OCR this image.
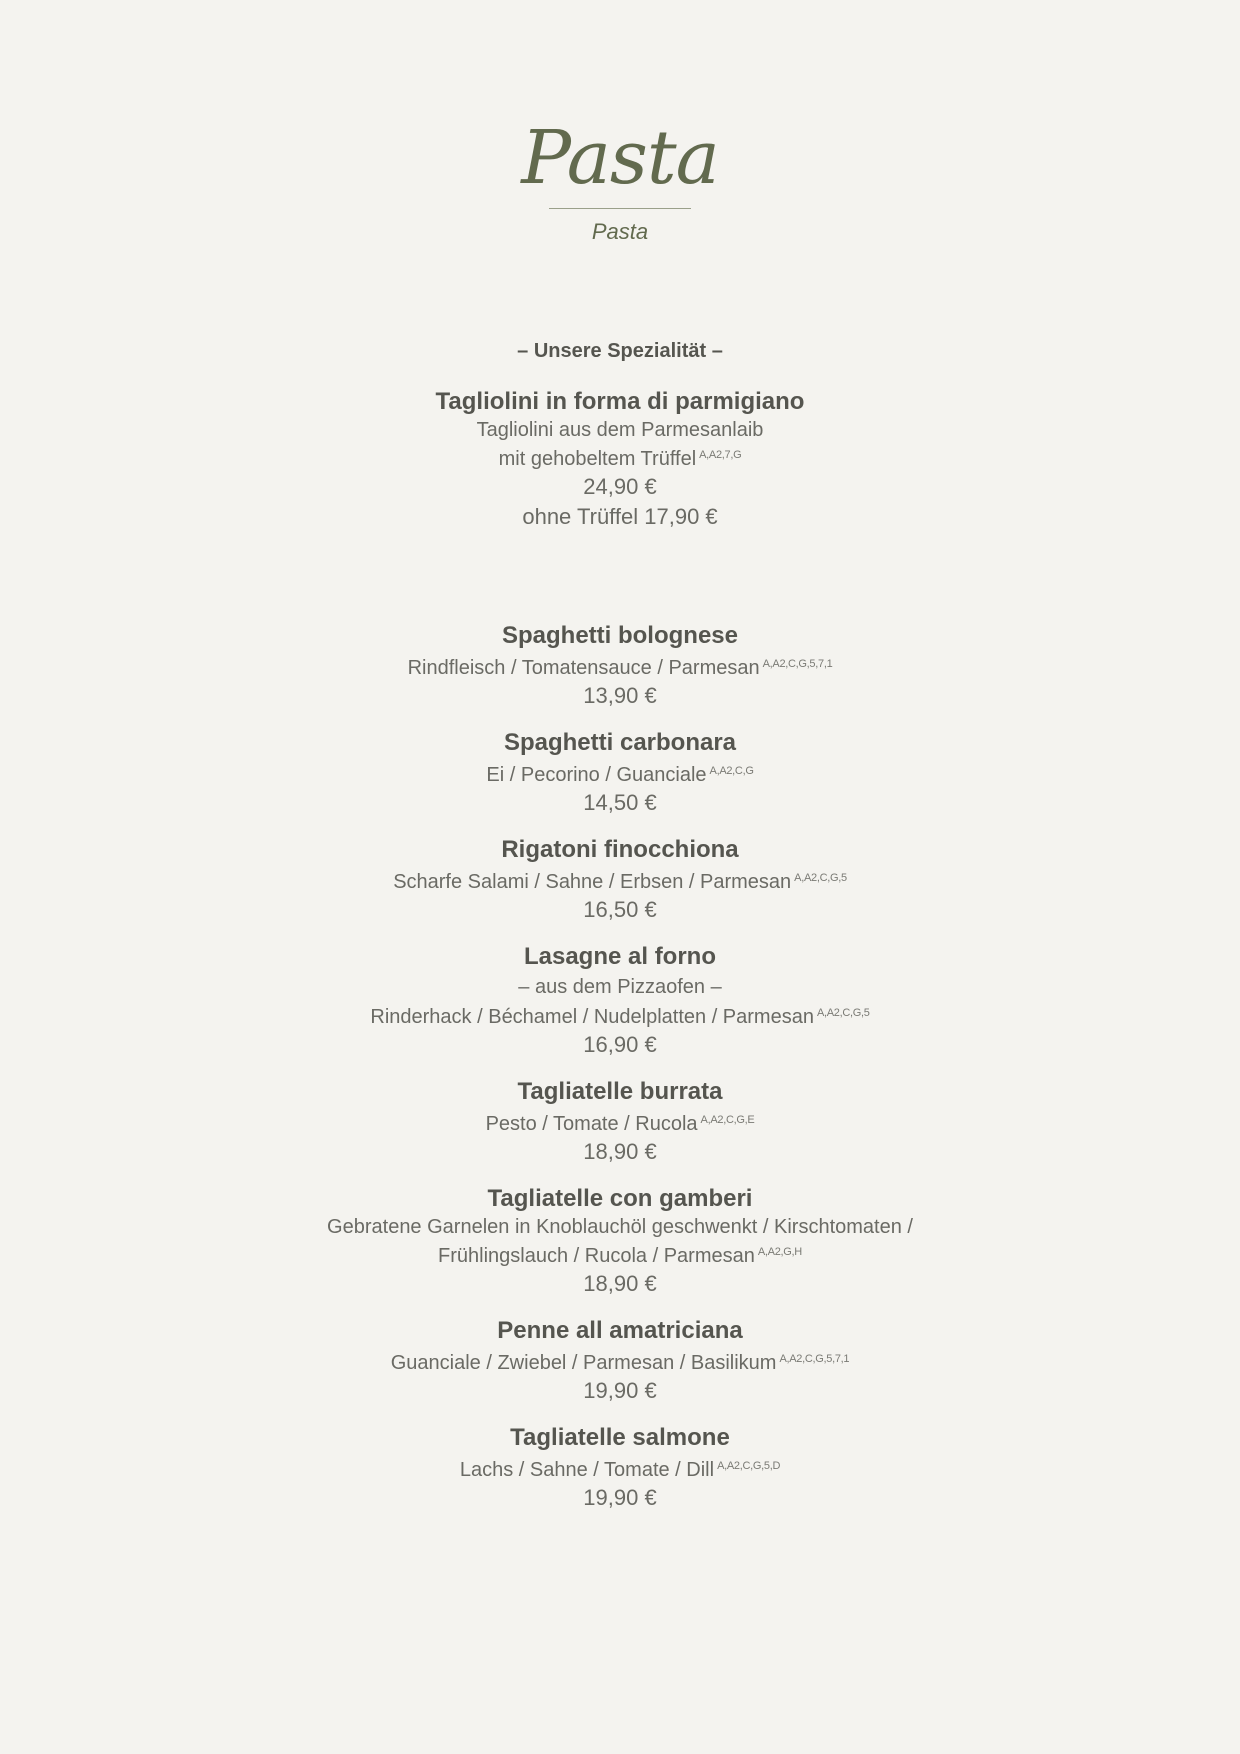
Pasta
Pasta
– Unsere Spezialität –
Tagliolini in forma di parmigiano
Tagliolini aus dem Parmesanlaib
mit gehobeltem Trüffel $^{A,A2,7,G}$
24,90 €
ohne Trüffel 17,90 €
Spaghetti bolognese
Rindfleisch / Tomatensauce / Parmesan $^{A,A2,C,G,5,7,1}$
13,90 €
Spaghetti carbonara
Ei / Pecorino / Guanciale $^{A,A2,C,G}$
14,50 €
Rigatoni finocchiona
Scharfe Salami / Sahne / Erbsen / Parmesan $^{A,A2,C,G,5}$
16,50 €
Lasagne al forno
– aus dem Pizzaofen –
Rinderhack / Béchamel / Nudelplatten / Parmesan $^{A,A2,C,G,5}$
16,90 €
Tagliatelle burrata
Pesto / Tomate / Rucola $^{A,A2,C,G,E}$
18,90 €
Tagliatelle con gamberi
Gebratene Garnelen in Knoblauchöl geschwenkt / Kirschtomaten /
Frühlingslauch / Rucola / Parmesan $^{A,A2,G,H}$
18,90 €
Penne all amatriciana
Guanciale / Zwiebel / Parmesan / Basilikum $^{A,A2,C,G,5,7,1}$
19,90 €
Tagliatelle salmone
Lachs / Sahne / Tomate / Dill $^{A,A2,C,G,5,D}$
19,90 €
